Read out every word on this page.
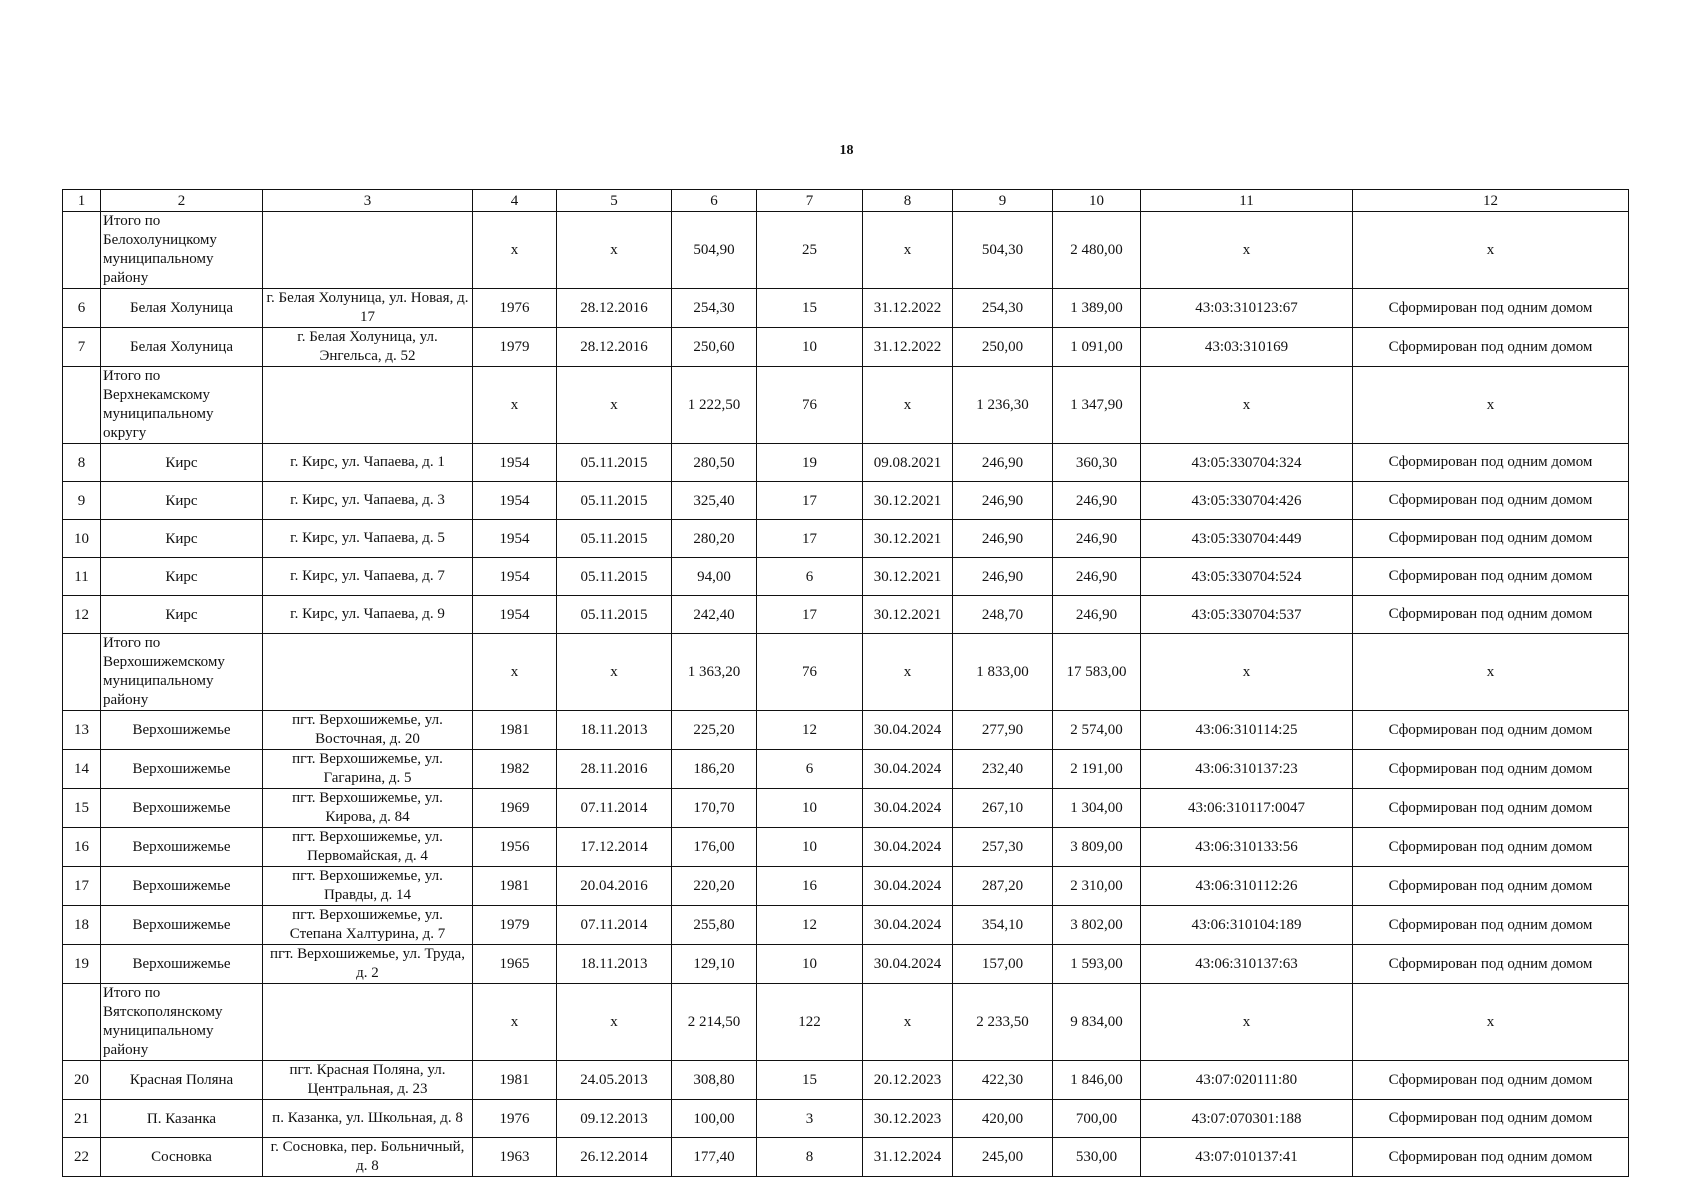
18
1	2	3	4	5	6	7	8	9	10	11	12
	Итого по Белохолуницкому муниципальному району		х	х	504,90	25	х	504,30	2 480,00	х	х
6	Белая Холуница	г. Белая Холуница, ул. Новая, д. 17	1976	28.12.2016	254,30	15	31.12.2022	254,30	1 389,00	43:03:310123:67	Сформирован под одним домом
7	Белая Холуница	г. Белая Холуница, ул. Энгельса, д. 52	1979	28.12.2016	250,60	10	31.12.2022	250,00	1 091,00	43:03:310169	Сформирован под одним домом
	Итого по Верхнекамскому муниципальному округу		х	х	1 222,50	76	х	1 236,30	1 347,90	х	х
8	Кирс	г. Кирс, ул. Чапаева, д. 1	1954	05.11.2015	280,50	19	09.08.2021	246,90	360,30	43:05:330704:324	Сформирован под одним домом
9	Кирс	г. Кирс, ул. Чапаева, д. 3	1954	05.11.2015	325,40	17	30.12.2021	246,90	246,90	43:05:330704:426	Сформирован под одним домом
10	Кирс	г. Кирс, ул. Чапаева, д. 5	1954	05.11.2015	280,20	17	30.12.2021	246,90	246,90	43:05:330704:449	Сформирован под одним домом
11	Кирс	г. Кирс, ул. Чапаева, д. 7	1954	05.11.2015	94,00	6	30.12.2021	246,90	246,90	43:05:330704:524	Сформирован под одним домом
12	Кирс	г. Кирс, ул. Чапаева, д. 9	1954	05.11.2015	242,40	17	30.12.2021	248,70	246,90	43:05:330704:537	Сформирован под одним домом
	Итого по Верхошижемскому муниципальному району		х	х	1 363,20	76	х	1 833,00	17 583,00	х	х
13	Верхошижемье	пгт. Верхошижемье, ул. Восточная, д. 20	1981	18.11.2013	225,20	12	30.04.2024	277,90	2 574,00	43:06:310114:25	Сформирован под одним домом
14	Верхошижемье	пгт. Верхошижемье, ул. Гагарина, д. 5	1982	28.11.2016	186,20	6	30.04.2024	232,40	2 191,00	43:06:310137:23	Сформирован под одним домом
15	Верхошижемье	пгт. Верхошижемье, ул. Кирова, д. 84	1969	07.11.2014	170,70	10	30.04.2024	267,10	1 304,00	43:06:310117:0047	Сформирован под одним домом
16	Верхошижемье	пгт. Верхошижемье, ул. Первомайская, д. 4	1956	17.12.2014	176,00	10	30.04.2024	257,30	3 809,00	43:06:310133:56	Сформирован под одним домом
17	Верхошижемье	пгт. Верхошижемье, ул. Правды, д. 14	1981	20.04.2016	220,20	16	30.04.2024	287,20	2 310,00	43:06:310112:26	Сформирован под одним домом
18	Верхошижемье	пгт. Верхошижемье, ул. Степана Халтурина, д. 7	1979	07.11.2014	255,80	12	30.04.2024	354,10	3 802,00	43:06:310104:189	Сформирован под одним домом
19	Верхошижемье	пгт. Верхошижемье, ул. Труда, д. 2	1965	18.11.2013	129,10	10	30.04.2024	157,00	1 593,00	43:06:310137:63	Сформирован под одним домом
	Итого по Вятскополянскому муниципальному району		х	х	2 214,50	122	х	2 233,50	9 834,00	х	х
20	Красная Поляна	пгт. Красная Поляна, ул. Центральная, д. 23	1981	24.05.2013	308,80	15	20.12.2023	422,30	1 846,00	43:07:020111:80	Сформирован под одним домом
21	П. Казанка	п. Казанка, ул. Школьная, д. 8	1976	09.12.2013	100,00	3	30.12.2023	420,00	700,00	43:07:070301:188	Сформирован под одним домом
22	Сосновка	г. Сосновка, пер. Больничный, д. 8	1963	26.12.2014	177,40	8	31.12.2024	245,00	530,00	43:07:010137:41	Сформирован под одним домом
